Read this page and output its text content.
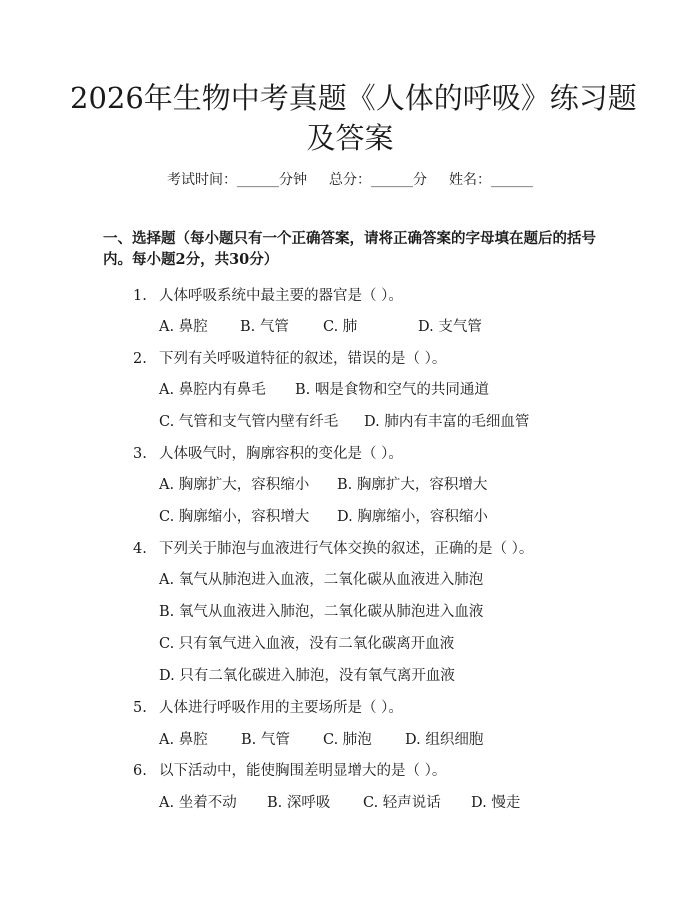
2026年生物中考真题《人体的呼吸》练习题
及答案
考试时间：______分钟 总分：______分 姓名：______
一、选择题（每小题只有一个正确答案，请将正确答案的字母填在题后的括号内。每小题2分，共30分）
1. 人体呼吸系统中最主要的器官是（ ）。
A. 鼻腔 B. 气管 C. 肺	D. 支气管
2. 下列有关呼吸道特征的叙述，错误的是（ ）。
A. 鼻腔内有鼻毛 B. 咽是食物和空气的共同通道
C. 气管和支气管内壁有纤毛 D. 肺内有丰富的毛细血管
3. 人体吸气时，胸廓容积的变化是（ ）。
A. 胸廓扩大，容积缩小 B. 胸廓扩大，容积增大
C. 胸廓缩小，容积增大 D. 胸廓缩小，容积缩小
4. 下列关于肺泡与血液进行气体交换的叙述，正确的是（ ）。
A. 氧气从肺泡进入血液，二氧化碳从血液进入肺泡
B. 氧气从血液进入肺泡，二氧化碳从肺泡进入血液
C. 只有氧气进入血液，没有二氧化碳离开血液
D. 只有二氧化碳进入肺泡，没有氧气离开血液
5. 人体进行呼吸作用的主要场所是（ ）。
A. 鼻腔 B. 气管 C. 肺泡 D. 组织细胞
6. 以下活动中，能使胸围差明显增大的是（ ）。
A. 坐着不动 B. 深呼吸 C. 轻声说话 D. 慢走
